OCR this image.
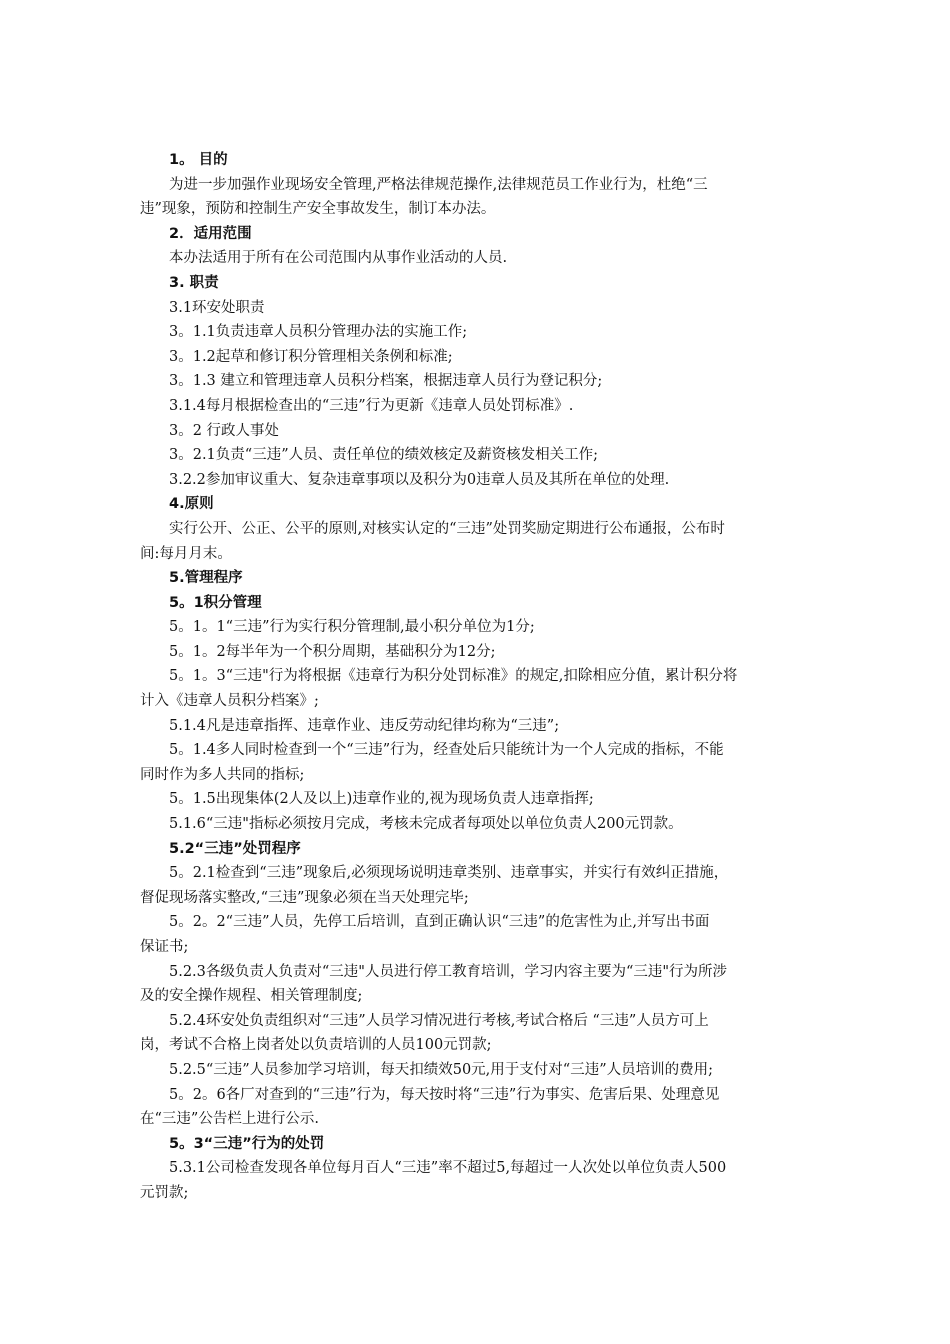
1。 目的

为进一步加强作业现场安全管理,严格法律规范操作,法律规范员工作业行为，杜绝“三

违”现象，预防和控制生产安全事故发生，制订本办法。

2．适用范围

本办法适用于所有在公司范围内从事作业活动的人员.

3. 职责

3.1环安处职责

3。1.1负责违章人员积分管理办法的实施工作;

3。1.2起草和修订积分管理相关条例和标准;

3。1.3 建立和管理违章人员积分档案，根据违章人员行为登记积分;

3.1.4每月根据检查出的“三违”行为更新《违章人员处罚标准》.

3。2 行政人事处

3。2.1负责“三违”人员、责任单位的绩效核定及薪资核发相关工作;

3.2.2参加审议重大、复杂违章事项以及积分为0违章人员及其所在单位的处理.

4.原则

实行公开、公正、公平的原则,对核实认定的“三违”处罚奖励定期进行公布通报，公布时

间:每月月末。

5.管理程序

5。1积分管理

5。1。1“三违”行为实行积分管理制,最小积分单位为1分;

5。1。2每半年为一个积分周期，基础积分为12分;

5。1。3“三违"行为将根据《违章行为积分处罚标准》的规定,扣除相应分值，累计积分将

计入《违章人员积分档案》;

5.1.4凡是违章指挥、违章作业、违反劳动纪律均称为“三违”;

5。1.4多人同时检查到一个“三违”行为，经查处后只能统计为一个人完成的指标，不能

同时作为多人共同的指标;

5。1.5出现集体(2人及以上)违章作业的,视为现场负责人违章指挥;

5.1.6“三违"指标必须按月完成，考核未完成者每项处以单位负责人200元罚款。

5.2“三违”处罚程序

5。2.1检查到“三违”现象后,必须现场说明违章类别、违章事实，并实行有效纠正措施，

督促现场落实整改,“三违”现象必须在当天处理完毕;

5。2。2“三违”人员，先停工后培训，直到正确认识“三违”的危害性为止,并写出书面

保证书;

5.2.3各级负责人负责对“三违"人员进行停工教育培训，学习内容主要为“三违"行为所涉

及的安全操作规程、相关管理制度;

5.2.4环安处负责组织对“三违”人员学习情况进行考核,考试合格后 “三违”人员方可上

岗，考试不合格上岗者处以负责培训的人员100元罚款;

5.2.5“三违”人员参加学习培训，每天扣绩效50元,用于支付对“三违”人员培训的费用;

5。2。6各厂对查到的“三违”行为，每天按时将“三违”行为事实、危害后果、处理意见

在“三违”公告栏上进行公示.

5。3“三违”行为的处罚

5.3.1公司检查发现各单位每月百人“三违”率不超过5,每超过一人次处以单位负责人500

元罚款;
